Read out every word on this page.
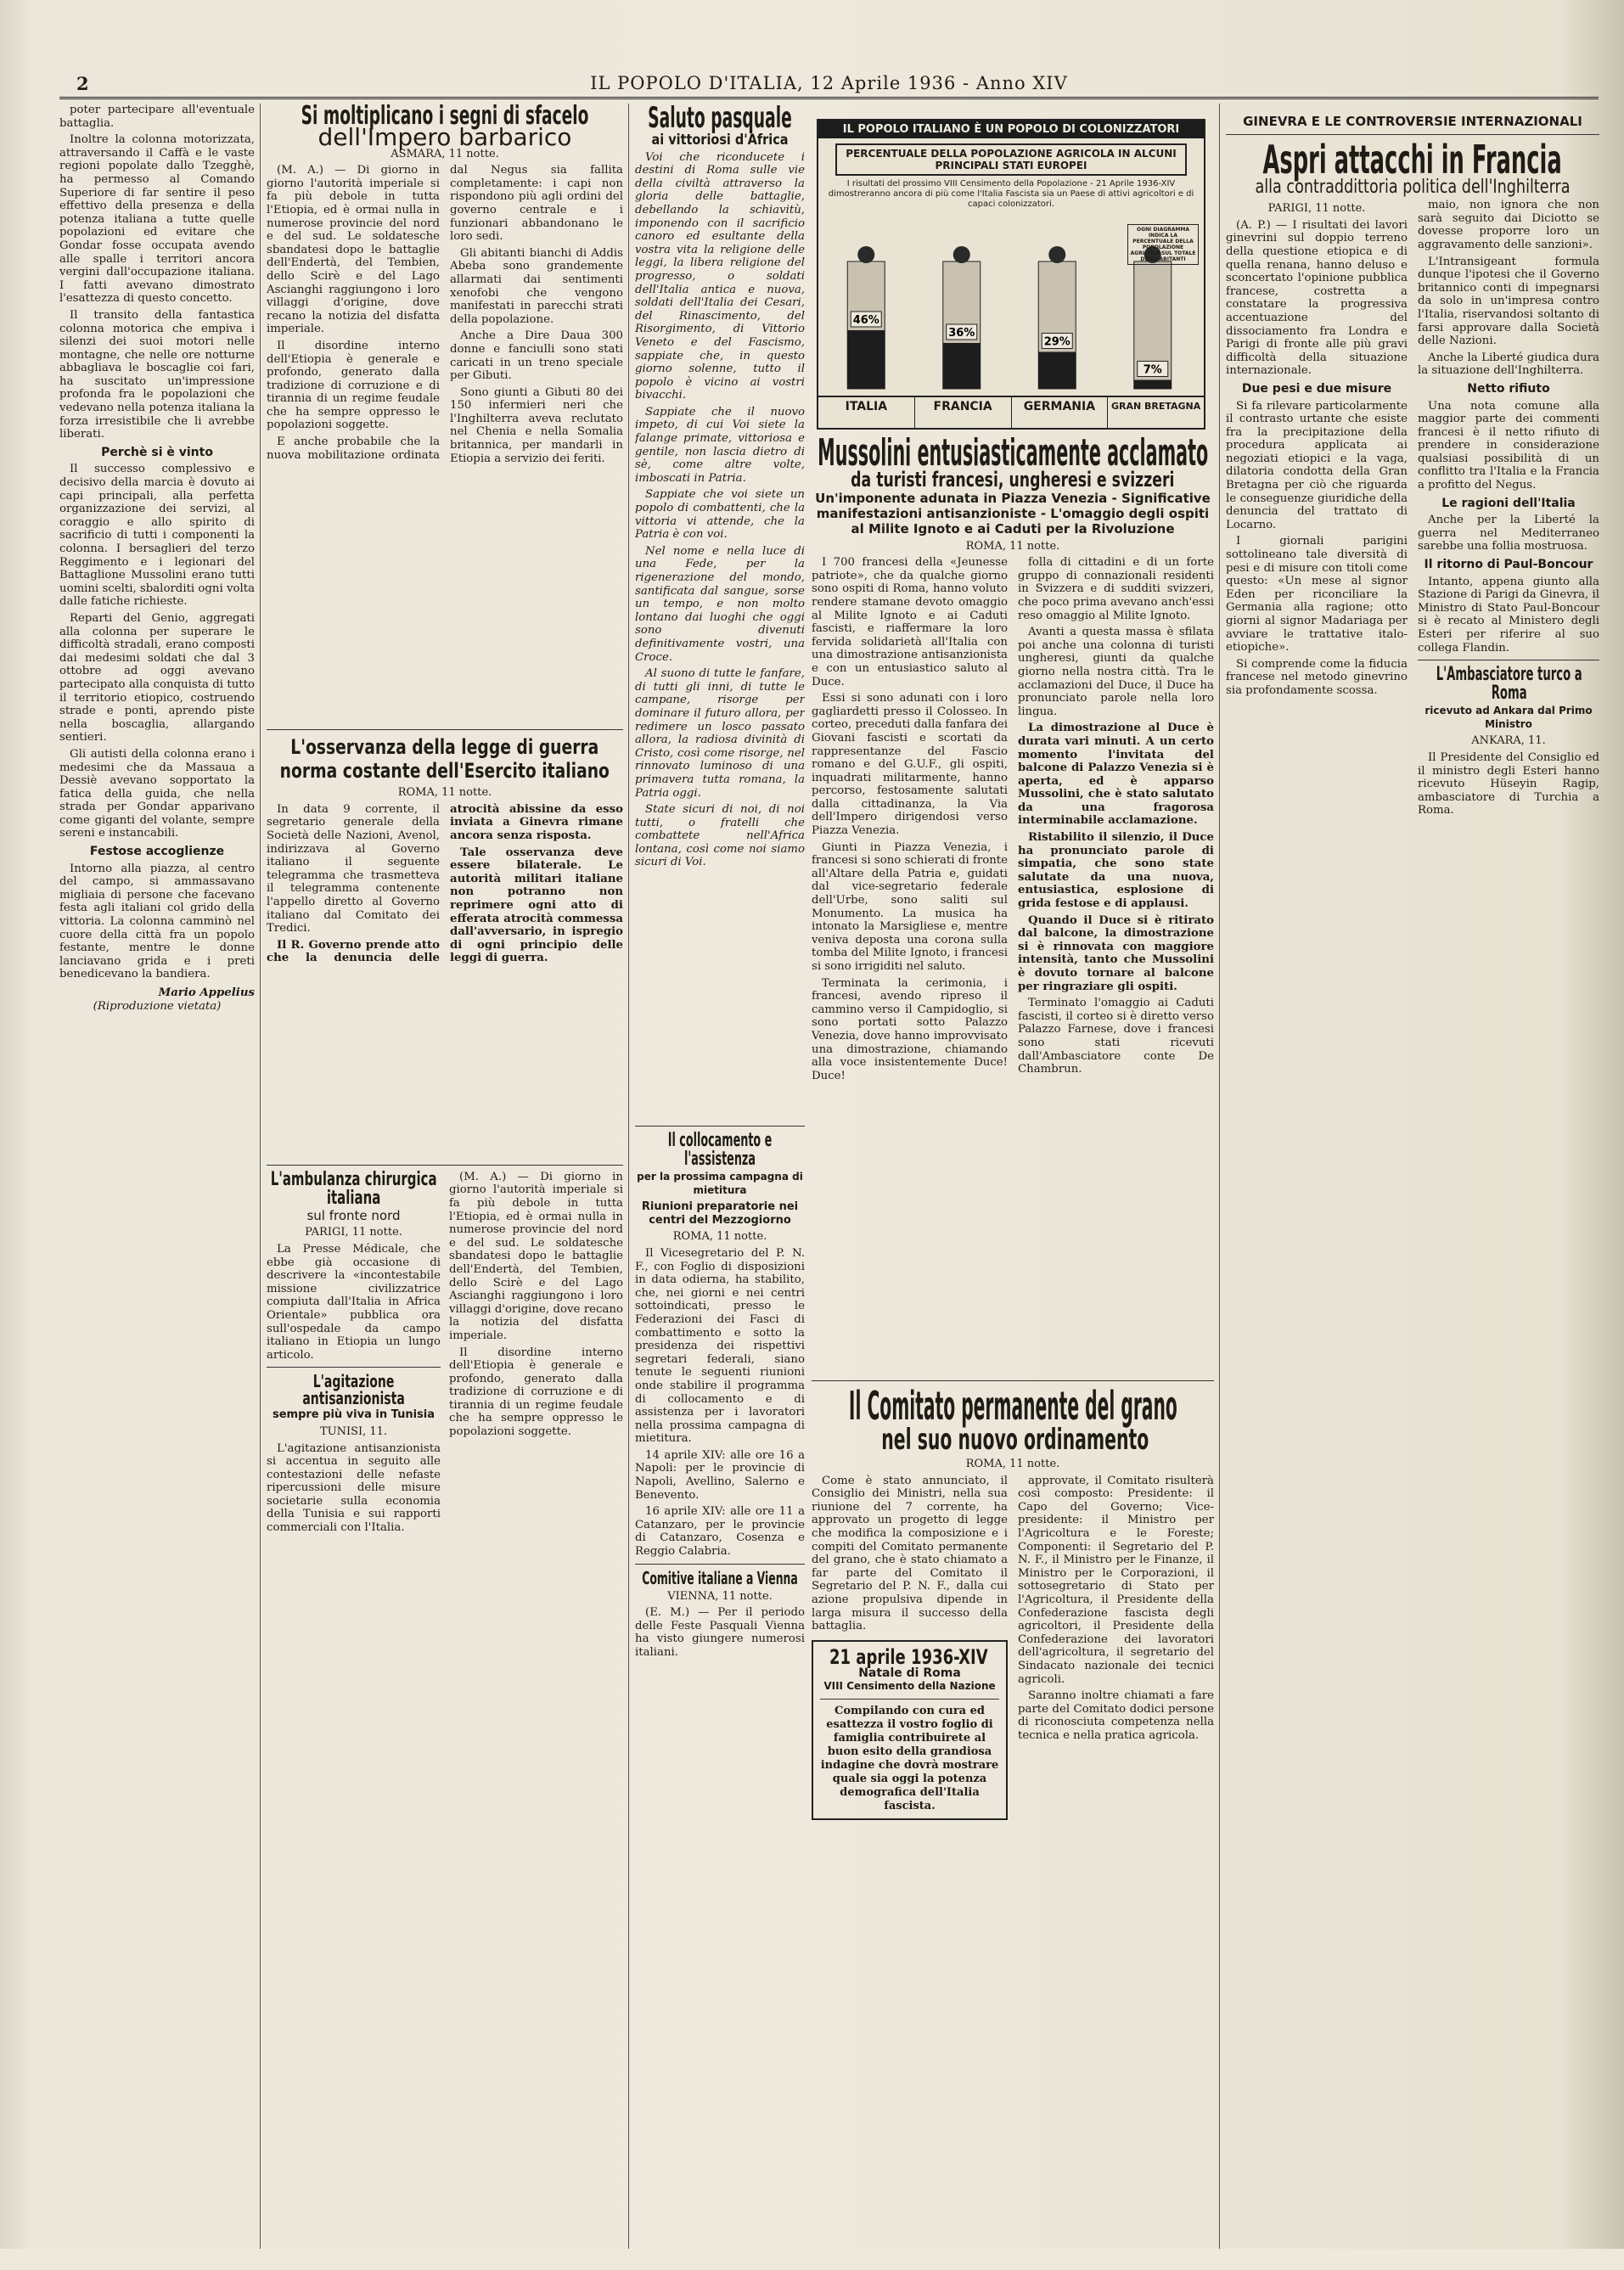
2	IL POPOLO D'ITALIA, 12 Aprile 1936 - Anno XIV

poter partecipare all'eventuale battaglia.

Inoltre la colonna motorizzata, attraversando il Caffà e le vaste regioni popolate dallo Tzegghè, ha permesso al Comando Superiore di far sentire il peso effettivo della presenza e della potenza italiana a tutte quelle popolazioni ed evitare che Gondar fosse occupata avendo alle spalle i territori ancora vergini dall'occupazione italiana. I fatti avevano dimostrato l'esattezza di questo concetto.

Il transito della fantastica colonna motorica che empiva i silenzi dei suoi motori nelle montagne, che nelle ore notturne abbagliava le boscaglie coi fari, ha suscitato un'impressione profonda fra le popolazioni che vedevano nella potenza italiana la forza irresistibile che li avrebbe liberati.

Perchè si è vinto

Il successo complessivo e decisivo della marcia è dovuto ai capi principali, alla perfetta organizzazione dei servizi, al coraggio e allo spirito di sacrificio di tutti i componenti la colonna. I bersaglieri del terzo Reggimento e i legionari del Battaglione Mussolini erano tutti uomini scelti, sbalorditi ogni volta dalle fatiche richieste.

Reparti del Genio, aggregati alla colonna per superare le difficoltà stradali, erano composti dai medesimi soldati che dal 3 ottobre ad oggi avevano partecipato alla conquista di tutto il territorio etiopico, costruendo strade e ponti, aprendo piste nella boscaglia, allargando sentieri.

Gli autisti della colonna erano i medesimi che da Massaua a Dessiè avevano sopportato la fatica della guida, che nella strada per Gondar apparivano come giganti del volante, sempre sereni e instancabili.

Festose accoglienze

Intorno alla piazza, al centro del campo, si ammassavano migliaia di persone che facevano festa agli italiani col grido della vittoria. La colonna camminò nel cuore della città fra un popolo festante, mentre le donne lanciavano grida e i preti benedicevano la bandiera.

Mario Appelius
(Riproduzione vietata)
Si moltiplicano i segni di sfacelo
dell'Impero barbarico
ASMARA, 11 notte.

(M. A.) — Di giorno in giorno l'autorità imperiale si fa più debole in tutta l'Etiopia, ed è ormai nulla in numerose provincie del nord e del sud. Le soldatesche sbandatesi dopo le battaglie dell'Endertà, del Tembien, dello Scirè e del Lago Ascianghi raggiungono i loro villaggi d'origine, dove recano la notizia del disfatta imperiale.

Il disordine interno dell'Etiopia è generale e profondo, generato dalla tradizione di corruzione e di tirannia di un regime feudale che ha sempre oppresso le popolazioni soggette.

E anche probabile che la nuova mobilitazione ordinata dal Negus sia fallita completamente: i capi non rispondono più agli ordini del governo centrale e i funzionari abbandonano le loro sedi.

Gli abitanti bianchi di Addis Abeba sono grandemente allarmati dai sentimenti xenofobi che vengono manifestati in parecchi strati della popolazione.

Anche a Dire Daua 300 donne e fanciulli sono stati caricati in un treno speciale per Gibuti.

Sono giunti a Gibuti 80 dei 150 infermieri neri che l'Inghilterra aveva reclutato nel Chenia e nella Somalia britannica, per mandarli in Etiopia a servizio dei feriti.

L'osservanza della legge di guerra norma costante dell'Esercito italiano
ROMA, 11 notte.

In data 9 corrente, il segretario generale della Società delle Nazioni, Avenol, indirizzava al Governo italiano il seguente telegramma che trasmetteva il telegramma contenente l'appello diretto al Governo italiano dal Comitato dei Tredici.

Il R. Governo prende atto che la denuncia delle atrocità abissine da esso inviata a Ginevra rimane ancora senza risposta.

Tale osservanza deve essere bilaterale. Le autorità militari italiane non potranno non reprimere ogni atto di efferata atrocità commessa dall'avversario, in ispregio di ogni principio delle leggi di guerra.

L'ambulanza chirurgica italiana
sul fronte nord
PARIGI, 11 notte.

La Presse Médicale, che ebbe già occasione di descrivere la «incontestabile missione civilizzatrice compiuta dall'Italia in Africa Orientale» pubblica ora sull'ospedale da campo italiano in Etiopia un lungo articolo.

L'agitazione antisanzionista
sempre più viva in Tunisia
TUNISI, 11.

L'agitazione antisanzionista si accentua in seguito alle contestazioni delle nefaste ripercussioni delle misure societarie sulla economia della Tunisia e sui rapporti commerciali con l'Italia.

(M. A.) — Di giorno in giorno l'autorità imperiale si fa più debole in tutta l'Etiopia, ed è ormai nulla in numerose provincie del nord e del sud. Le soldatesche sbandatesi dopo le battaglie dell'Endertà, del Tembien, dello Scirè e del Lago Ascianghi raggiungono i loro villaggi d'origine, dove recano la notizia del disfatta imperiale.

Il disordine interno dell'Etiopia è generale e profondo, generato dalla tradizione di corruzione e di tirannia di un regime feudale che ha sempre oppresso le popolazioni soggette.

Saluto pasquale
ai vittoriosi d'Africa

Voi che riconducete i destini di Roma sulle vie della civiltà attraverso la gloria delle battaglie, debellando la schiavitù, imponendo con il sacrificio canoro ed esultante della vostra vita la religione delle leggi, la libera religione del progresso, o soldati dell'Italia antica e nuova, soldati dell'Italia dei Cesari, del Rinascimento, del Risorgimento, di Vittorio Veneto e del Fascismo, sappiate che, in questo giorno solenne, tutto il popolo è vicino ai vostri bivacchi.

Sappiate che il nuovo impeto, di cui Voi siete la falange primate, vittoriosa e gentile, non lascia dietro di sè, come altre volte, imboscati in Patria.

Sappiate che voi siete un popolo di combattenti, che la vittoria vi attende, che la Patria è con voi.

Nel nome e nella luce di una Fede, per la rigenerazione del mondo, santificata dal sangue, sorse un tempo, e non molto lontano dai luoghi che oggi sono divenuti definitivamente vostri, una Croce.

Al suono di tutte le fanfare, di tutti gli inni, di tutte le campane, risorge per dominare il futuro allora, per redimere un losco passato allora, la radiosa divinità di Cristo, così come risorge, nel rinnovato luminoso di una primavera tutta romana, la Patria oggi.

State sicuri di noi, di noi tutti, o fratelli che combattete nell'Africa lontana, così come noi siamo sicuri di Voi.

Il collocamento e l'assistenza
per la prossima campagna di mietitura
Riunioni preparatorie nei centri del Mezzogiorno
ROMA, 11 notte.

Il Vicesegretario del P. N. F., con Foglio di disposizioni in data odierna, ha stabilito, che, nei giorni e nei centri sottoindicati, presso le Federazioni dei Fasci di combattimento e sotto la presidenza dei rispettivi segretari federali, siano tenute le seguenti riunioni onde stabilire il programma di collocamento e di assistenza per i lavoratori nella prossima campagna di mietitura.

14 aprile XIV: alle ore 16 a Napoli: per le provincie di Napoli, Avellino, Salerno e Benevento.

16 aprile XIV: alle ore 11 a Catanzaro, per le provincie di Catanzaro, Cosenza e Reggio Calabria.

Comitive italiane a Vienna
VIENNA, 11 notte.

(E. M.) — Per il periodo delle Feste Pasquali Vienna ha visto giungere numerosi italiani.

IL POPOLO ITALIANO È UN POPOLO DI COLONIZZATORI
PERCENTUALE DELLA POPOLAZIONE AGRICOLA IN ALCUNI PRINCIPALI STATI EUROPEI
I risultati del prossimo VIII Censimento della Popolazione - 21 Aprile 1936-XIV dimostreranno ancora di più come l'Italia Fascista sia un Paese di attivi agricoltori e di capaci colonizzatori.
46%
36%
29%
7%
OGNI DIAGRAMMA INDICA LA PERCENTUALE DELLA POPOLAZIONE AGRICOLA SUL TOTALE DEGLI ABITANTI
ITALIA	FRANCIA	GERMANIA	GRAN BRETAGNA
Mussolini entusiasticamente acclamato
da turisti francesi, ungheresi e svizzeri
Un'imponente adunata in Piazza Venezia - Significative manifestazioni antisanzioniste - L'omaggio degli ospiti al Milite Ignoto e ai Caduti per la Rivoluzione
ROMA, 11 notte.

I 700 francesi della «Jeunesse patriote», che da qualche giorno sono ospiti di Roma, hanno voluto rendere stamane devoto omaggio al Milite Ignoto e ai Caduti fascisti, e riaffermare la loro fervida solidarietà all'Italia con una dimostrazione antisanzionista e con un entusiastico saluto al Duce.

Essi si sono adunati con i loro gagliardetti presso il Colosseo. In corteo, preceduti dalla fanfara dei Giovani fascisti e scortati da rappresentanze del Fascio romano e del G.U.F., gli ospiti, inquadrati militarmente, hanno percorso, festosamente salutati dalla cittadinanza, la Via dell'Impero dirigendosi verso Piazza Venezia.

Giunti in Piazza Venezia, i francesi si sono schierati di fronte all'Altare della Patria e, guidati dal vice-segretario federale dell'Urbe, sono saliti sul Monumento. La musica ha intonato la Marsigliese e, mentre veniva deposta una corona sulla tomba del Milite Ignoto, i francesi si sono irrigiditi nel saluto.

Terminata la cerimonia, i francesi, avendo ripreso il cammino verso il Campidoglio, si sono portati sotto Palazzo Venezia, dove hanno improvvisato una dimostrazione, chiamando alla voce insistentemente Duce! Duce!

folla di cittadini e di un forte gruppo di connazionali residenti in Svizzera e di sudditi svizzeri, che poco prima avevano anch'essi reso omaggio al Milite Ignoto.

Avanti a questa massa è sfilata poi anche una colonna di turisti ungheresi, giunti da qualche giorno nella nostra città. Tra le acclamazioni del Duce, il Duce ha pronunciato parole nella loro lingua.

La dimostrazione al Duce è durata vari minuti. A un certo momento l'invitata del balcone di Palazzo Venezia si è aperta, ed è apparso Mussolini, che è stato salutato da una fragorosa interminabile acclamazione.

Ristabilito il silenzio, il Duce ha pronunciato parole di simpatia, che sono state salutate da una nuova, entusiastica, esplosione di grida festose e di applausi.

Quando il Duce si è ritirato dal balcone, la dimostrazione si è rinnovata con maggiore intensità, tanto che Mussolini è dovuto tornare al balcone per ringraziare gli ospiti.

Terminato l'omaggio ai Caduti fascisti, il corteo si è diretto verso Palazzo Farnese, dove i francesi sono stati ricevuti dall'Ambasciatore conte De Chambrun.

Il Comitato permanente del grano
nel suo nuovo ordinamento
ROMA, 11 notte.

Come è stato annunciato, il Consiglio dei Ministri, nella sua riunione del 7 corrente, ha approvato un progetto di legge che modifica la composizione e i compiti del Comitato permanente del grano, che è stato chiamato a far parte del Comitato il Segretario del P. N. F., dalla cui azione propulsiva dipende in larga misura il successo della battaglia.

21 aprile 1936-XIV
Natale di Roma
VIII Censimento della Nazione
Compilando con cura ed esattezza il vostro foglio di famiglia contribuirete al buon esito della grandiosa indagine che dovrà mostrare quale sia oggi la potenza demografica dell'Italia fascista.

approvate, il Comitato risulterà così composto: Presidente: il Capo del Governo; Vice-presidente: il Ministro per l'Agricoltura e le Foreste; Componenti: il Segretario del P. N. F., il Ministro per le Finanze, il Ministro per le Corporazioni, il sottosegretario di Stato per l'Agricoltura, il Presidente della Confederazione fascista degli agricoltori, il Presidente della Confederazione dei lavoratori dell'agricoltura, il segretario del Sindacato nazionale dei tecnici agricoli.

Saranno inoltre chiamati a fare parte del Comitato dodici persone di riconosciuta competenza nella tecnica e nella pratica agricola.

GINEVRA E LE CONTROVERSIE INTERNAZIONALI
Aspri attacchi in Francia
alla contraddittoria politica dell'Inghilterra
PARIGI, 11 notte.

(A. P.) — I risultati dei lavori ginevrini sul doppio terreno della questione etiopica e di quella renana, hanno deluso e sconcertato l'opinione pubblica francese, costretta a constatare la progressiva accentuazione del dissociamento fra Londra e Parigi di fronte alle più gravi difficoltà della situazione internazionale.

Due pesi e due misure

Si fa rilevare particolarmente il contrasto urtante che esiste fra la precipitazione della procedura applicata ai negoziati etiopici e la vaga, dilatoria condotta della Gran Bretagna per ciò che riguarda le conseguenze giuridiche della denuncia del trattato di Locarno.

I giornali parigini sottolineano tale diversità di pesi e di misure con titoli come questo: «Un mese al signor Eden per riconciliare la Germania alla ragione; otto giorni al signor Madariaga per avviare le trattative italo-etiopiche».

Si comprende come la fiducia francese nel metodo ginevrino sia profondamente scossa.

maio, non ignora che non sarà seguito dai Diciotto se dovesse proporre loro un aggravamento delle sanzioni».

L'Intransigeant formula dunque l'ipotesi che il Governo britannico conti di impegnarsi da solo in un'impresa contro l'Italia, riservandosi soltanto di farsi approvare dalla Società delle Nazioni.

Anche la Liberté giudica dura la situazione dell'Inghilterra.

Netto rifiuto

Una nota comune alla maggior parte dei commenti francesi è il netto rifiuto di prendere in considerazione qualsiasi possibilità di un conflitto tra l'Italia e la Francia a profitto del Negus.

Le ragioni dell'Italia

Anche per la Liberté la guerra nel Mediterraneo sarebbe una follia mostruosa.

Il ritorno di Paul-Boncour

Intanto, appena giunto alla Stazione di Parigi da Ginevra, il Ministro di Stato Paul-Boncour si è recato al Ministero degli Esteri per riferire al suo collega Flandin.

L'Ambasciatore turco a Roma
ricevuto ad Ankara dal Primo Ministro
ANKARA, 11.

Il Presidente del Consiglio ed il ministro degli Esteri hanno ricevuto Hüseyin Ragip, ambasciatore di Turchia a Roma.
